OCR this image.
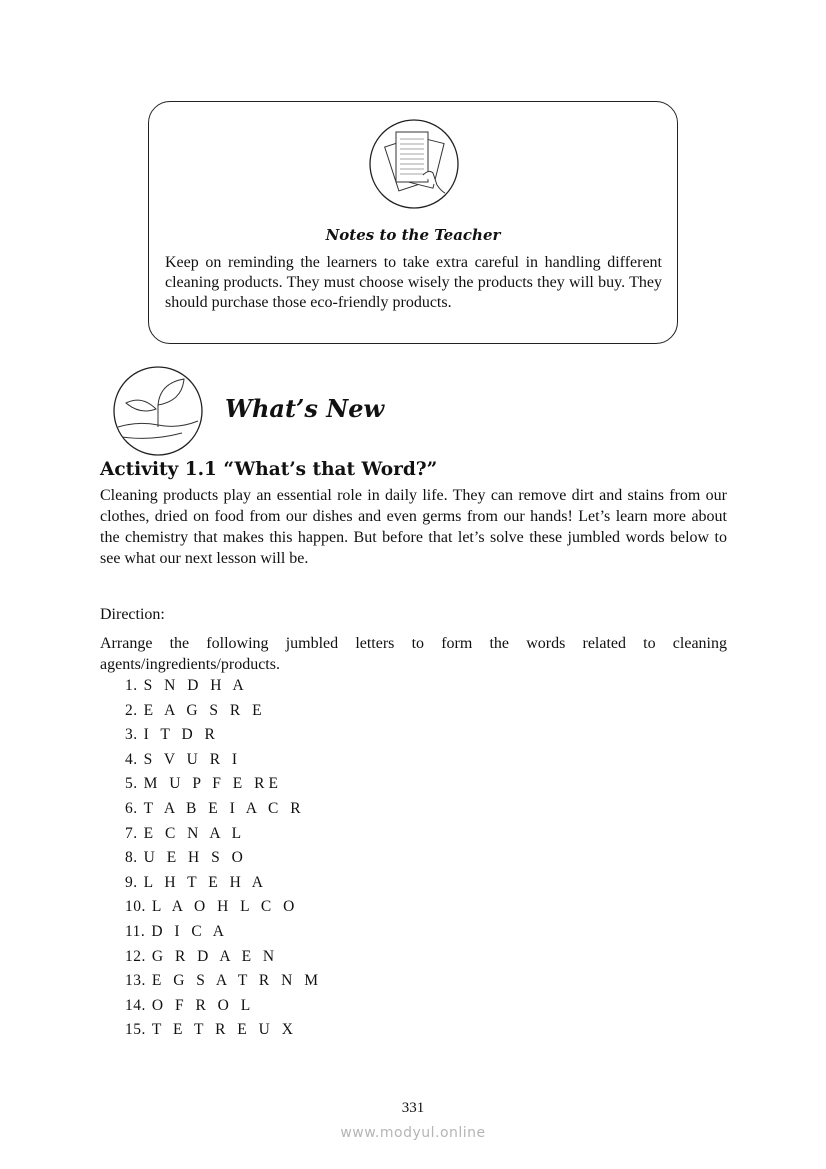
Notes to the Teacher
Keep on reminding the learners to take extra careful in handling different cleaning products. They must choose wisely the products they will buy. They should purchase those eco-friendly products.
What’s New
Activity 1.1 “What’s that Word?”
Cleaning products play an essential role in daily life. They can remove dirt and stains from our clothes, dried on food from our dishes and even germs from our hands! Let’s learn more about the chemistry that makes this happen. But before that let’s solve these jumbled words below to see what our next lesson will be.
Direction:
Arrange the following jumbled letters to form the words related to cleaning agents/ingredients/products.
1. S N D H A
2. E A G S R E
3. I T D R
4. S V U R I
5. M U P F E RE
6. T A B E I A C R
7. E C N A L
8. U E H S O
9. L H T E H A
10. L A O H L C O
11. D I C A
12. G R D A E N
13. E G S A T R N M
14. O F R O L
15. T E T R E U X
331
www.modyul.online
